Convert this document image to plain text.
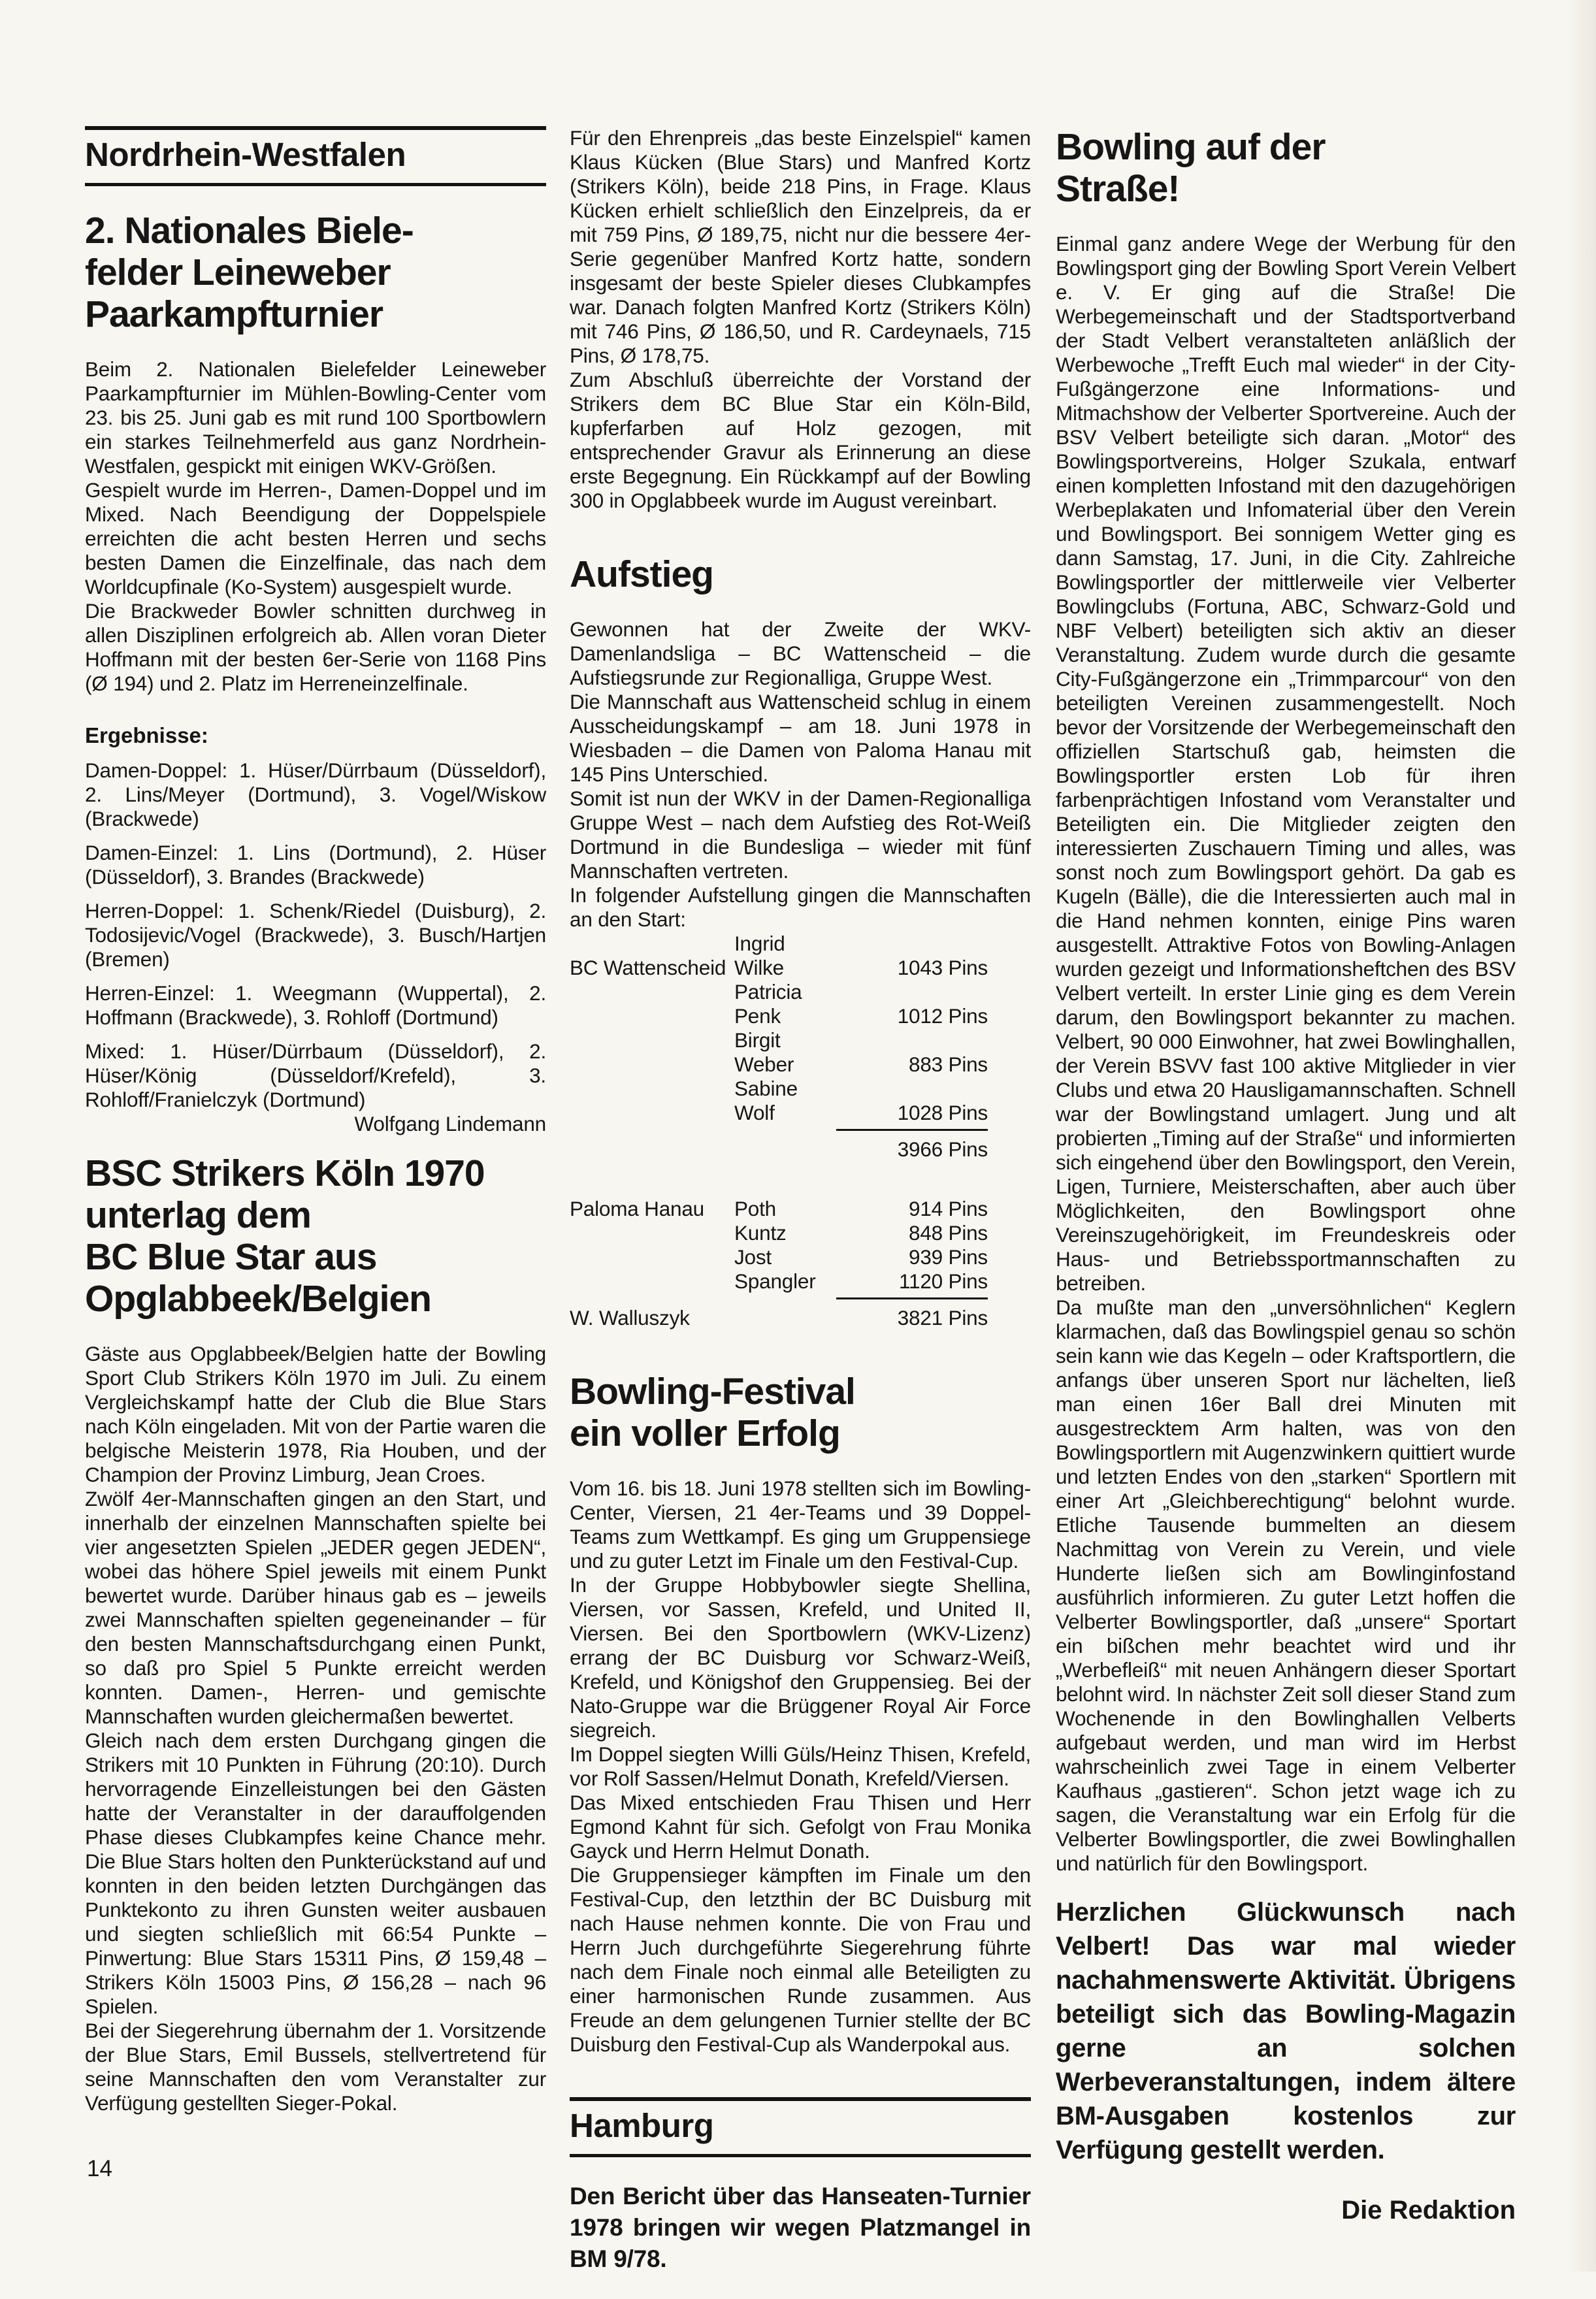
Nordrhein-Westfalen
2. Nationales Biele-
felder Leineweber
Paarkampfturnier

Beim 2. Nationalen Bielefelder Leineweber Paarkampfturnier im Mühlen-Bowling-Center vom 23. bis 25. Juni gab es mit rund 100 Sportbowlern ein starkes Teilnehmerfeld aus ganz Nordrhein-Westfalen, gespickt mit einigen WKV-Größen.

Gespielt wurde im Herren-, Damen-Doppel und im Mixed. Nach Beendigung der Doppelspiele erreichten die acht besten Herren und sechs besten Damen die Einzelfinale, das nach dem Worldcupfinale (Ko-System) ausgespielt wurde.

Die Brackweder Bowler schnitten durchweg in allen Disziplinen erfolgreich ab. Allen voran Dieter Hoffmann mit der besten 6er-Serie von 1168 Pins (Ø 194) und 2. Platz im Herreneinzelfinale.

Ergebnisse:

Damen-Doppel: 1. Hüser/Dürrbaum (Düsseldorf), 2. Lins/Meyer (Dortmund), 3. Vogel/Wiskow (Brackwede)

Damen-Einzel: 1. Lins (Dortmund), 2. Hüser (Düsseldorf), 3. Brandes (Brackwede)

Herren-Doppel: 1. Schenk/Riedel (Duisburg), 2. Todosijevic/Vogel (Brackwede), 3. Busch/Hartjen (Bremen)

Herren-Einzel: 1. Weegmann (Wuppertal), 2. Hoffmann (Brackwede), 3. Rohloff (Dortmund)

Mixed: 1. Hüser/Dürrbaum (Düsseldorf), 2. Hüser/König (Düsseldorf/Krefeld), 3. Rohloff/Franielczyk (Dortmund)
Wolfgang Lindemann

BSC Strikers Köln 1970
unterlag dem
BC Blue Star aus
Opglabbeek/Belgien

Gäste aus Opglabbeek/Belgien hatte der Bowling Sport Club Strikers Köln 1970 im Juli. Zu einem Vergleichskampf hatte der Club die Blue Stars nach Köln eingeladen. Mit von der Partie waren die belgische Meisterin 1978, Ria Houben, und der Champion der Provinz Limburg, Jean Croes.

Zwölf 4er-Mannschaften gingen an den Start, und innerhalb der einzelnen Mannschaften spielte bei vier angesetzten Spielen „JEDER gegen JEDEN“, wobei das höhere Spiel jeweils mit einem Punkt bewertet wurde. Darüber hinaus gab es – jeweils zwei Mannschaften spielten gegeneinander – für den besten Mannschaftsdurchgang einen Punkt, so daß pro Spiel 5 Punkte erreicht werden konnten. Damen-, Herren- und gemischte Mannschaften wurden gleichermaßen bewertet.

Gleich nach dem ersten Durchgang gingen die Strikers mit 10 Punkten in Führung (20:10). Durch hervorragende Einzelleistungen bei den Gästen hatte der Veranstalter in der darauffolgenden Phase dieses Clubkampfes keine Chance mehr. Die Blue Stars holten den Punkterückstand auf und konnten in den beiden letzten Durchgängen das Punktekonto zu ihren Gunsten weiter ausbauen und siegten schließlich mit 66:54 Punkte – Pinwertung: Blue Stars 15311 Pins, Ø 159,48 – Strikers Köln 15003 Pins, Ø 156,28 – nach 96 Spielen.

Bei der Siegerehrung übernahm der 1. Vorsitzende der Blue Stars, Emil Bussels, stellvertretend für seine Mannschaften den vom Veranstalter zur Verfügung gestellten Sieger-Pokal.

Für den Ehrenpreis „das beste Einzelspiel“ kamen Klaus Kücken (Blue Stars) und Manfred Kortz (Strikers Köln), beide 218 Pins, in Frage. Klaus Kücken erhielt schließlich den Einzelpreis, da er mit 759 Pins, Ø 189,75, nicht nur die bessere 4er-Serie gegenüber Manfred Kortz hatte, sondern insgesamt der beste Spieler dieses Clubkampfes war. Danach folgten Manfred Kortz (Strikers Köln) mit 746 Pins, Ø 186,50, und R. Cardeynaels, 715 Pins, Ø 178,75.

Zum Abschluß überreichte der Vorstand der Strikers dem BC Blue Star ein Köln-Bild, kupferfarben auf Holz gezogen, mit entsprechender Gravur als Erinnerung an diese erste Begegnung. Ein Rückkampf auf der Bowling 300 in Opglabbeek wurde im August vereinbart.

Aufstieg

Gewonnen hat der Zweite der WKV-Damenlandsliga – BC Wattenscheid – die Aufstiegsrunde zur Regionalliga, Gruppe West.

Die Mannschaft aus Wattenscheid schlug in einem Ausscheidungskampf – am 18. Juni 1978 in Wiesbaden – die Damen von Paloma Hanau mit 145 Pins Unterschied.

Somit ist nun der WKV in der Damen-Regionalliga Gruppe West – nach dem Aufstieg des Rot-Weiß Dortmund in die Bundesliga – wieder mit fünf Mannschaften vertreten.

In folgender Aufstellung gingen die Mannschaften an den Start:

BC Wattenscheid
Ingrid Wilke	1043 Pins
Patricia Penk	1012 Pins
Birgit Weber	883 Pins
Sabine Wolf	1028 Pins
3966 Pins
Paloma Hanau	Poth	914 Pins
Kuntz	848 Pins
Jost	939 Pins
Spangler	1120 Pins
W. Walluszyk	3821 Pins
Bowling-Festival
ein voller Erfolg

Vom 16. bis 18. Juni 1978 stellten sich im Bowling-Center, Viersen, 21 4er-Teams und 39 Doppel-Teams zum Wettkampf. Es ging um Gruppensiege und zu guter Letzt im Finale um den Festival-Cup.

In der Gruppe Hobbybowler siegte Shellina, Viersen, vor Sassen, Krefeld, und United II, Viersen. Bei den Sportbowlern (WKV-Lizenz) errang der BC Duisburg vor Schwarz-Weiß, Krefeld, und Königshof den Gruppensieg. Bei der Nato-Gruppe war die Brüggener Royal Air Force siegreich.

Im Doppel siegten Willi Güls/Heinz Thisen, Krefeld, vor Rolf Sassen/Helmut Donath, Krefeld/Viersen.

Das Mixed entschieden Frau Thisen und Herr Egmond Kahnt für sich. Gefolgt von Frau Monika Gayck und Herrn Helmut Donath.

Die Gruppensieger kämpften im Finale um den Festival-Cup, den letzthin der BC Duisburg mit nach Hause nehmen konnte. Die von Frau und Herrn Juch durchgeführte Siegerehrung führte nach dem Finale noch einmal alle Beteiligten zu einer harmonischen Runde zusammen. Aus Freude an dem gelungenen Turnier stellte der BC Duisburg den Festival-Cup als Wanderpokal aus.

Hamburg

Den Bericht über das Hanseaten-Turnier 1978 bringen wir wegen Platzmangel in BM 9/78.

Bowling auf der
Straße!

Einmal ganz andere Wege der Werbung für den Bowlingsport ging der Bowling Sport Verein Velbert e. V. Er ging auf die Straße! Die Werbegemeinschaft und der Stadtsportverband der Stadt Velbert veranstalteten anläßlich der Werbewoche „Trefft Euch mal wieder“ in der City-Fußgängerzone eine Informations- und Mitmachshow der Velberter Sportvereine. Auch der BSV Velbert beteiligte sich daran. „Motor“ des Bowlingsportvereins, Holger Szukala, entwarf einen kompletten Infostand mit den dazugehörigen Werbeplakaten und Infomaterial über den Verein und Bowlingsport. Bei sonnigem Wetter ging es dann Samstag, 17. Juni, in die City. Zahlreiche Bowlingsportler der mittlerweile vier Velberter Bowlingclubs (Fortuna, ABC, Schwarz-Gold und NBF Velbert) beteiligten sich aktiv an dieser Veranstaltung. Zudem wurde durch die gesamte City-Fußgängerzone ein „Trimmparcour“ von den beteiligten Vereinen zusammengestellt. Noch bevor der Vorsitzende der Werbegemeinschaft den offiziellen Startschuß gab, heimsten die Bowlingsportler ersten Lob für ihren farbenprächtigen Infostand vom Veranstalter und Beteiligten ein. Die Mitglieder zeigten den interessierten Zuschauern Timing und alles, was sonst noch zum Bowlingsport gehört. Da gab es Kugeln (Bälle), die die Interessierten auch mal in die Hand nehmen konnten, einige Pins waren ausgestellt. Attraktive Fotos von Bowling-Anlagen wurden gezeigt und Informationsheftchen des BSV Velbert verteilt. In erster Linie ging es dem Verein darum, den Bowlingsport bekannter zu machen. Velbert, 90 000 Einwohner, hat zwei Bowlinghallen, der Verein BSVV fast 100 aktive Mitglieder in vier Clubs und etwa 20 Hausligamannschaften. Schnell war der Bowlingstand umlagert. Jung und alt probierten „Timing auf der Straße“ und informierten sich eingehend über den Bowlingsport, den Verein, Ligen, Turniere, Meisterschaften, aber auch über Möglichkeiten, den Bowlingsport ohne Vereinszugehörigkeit, im Freundeskreis oder Haus- und Betriebssportmannschaften zu betreiben.

Da mußte man den „unversöhnlichen“ Keglern klarmachen, daß das Bowlingspiel genau so schön sein kann wie das Kegeln – oder Kraftsportlern, die anfangs über unseren Sport nur lächelten, ließ man einen 16er Ball drei Minuten mit ausgestrecktem Arm halten, was von den Bowlingsportlern mit Augenzwinkern quittiert wurde und letzten Endes von den „starken“ Sportlern mit einer Art „Gleichberechtigung“ belohnt wurde. Etliche Tausende bummelten an diesem Nachmittag von Verein zu Verein, und viele Hunderte ließen sich am Bowlinginfostand ausführlich informieren. Zu guter Letzt hoffen die Velberter Bowlingsportler, daß „unsere“ Sportart ein bißchen mehr beachtet wird und ihr „Werbefleiß“ mit neuen Anhängern dieser Sportart belohnt wird. In nächster Zeit soll dieser Stand zum Wochenende in den Bowlinghallen Velberts aufgebaut werden, und man wird im Herbst wahrscheinlich zwei Tage in einem Velberter Kaufhaus „gastieren“. Schon jetzt wage ich zu sagen, die Veranstaltung war ein Erfolg für die Velberter Bowlingsportler, die zwei Bowlinghallen und natürlich für den Bowlingsport.

Herzlichen Glückwunsch nach Velbert! Das war mal wieder nachahmenswerte Aktivität. Übrigens beteiligt sich das Bowling-Magazin gerne an solchen Werbeveranstaltungen, indem ältere BM-Ausgaben kostenlos zur Verfügung gestellt werden.

Die Redaktion
14
